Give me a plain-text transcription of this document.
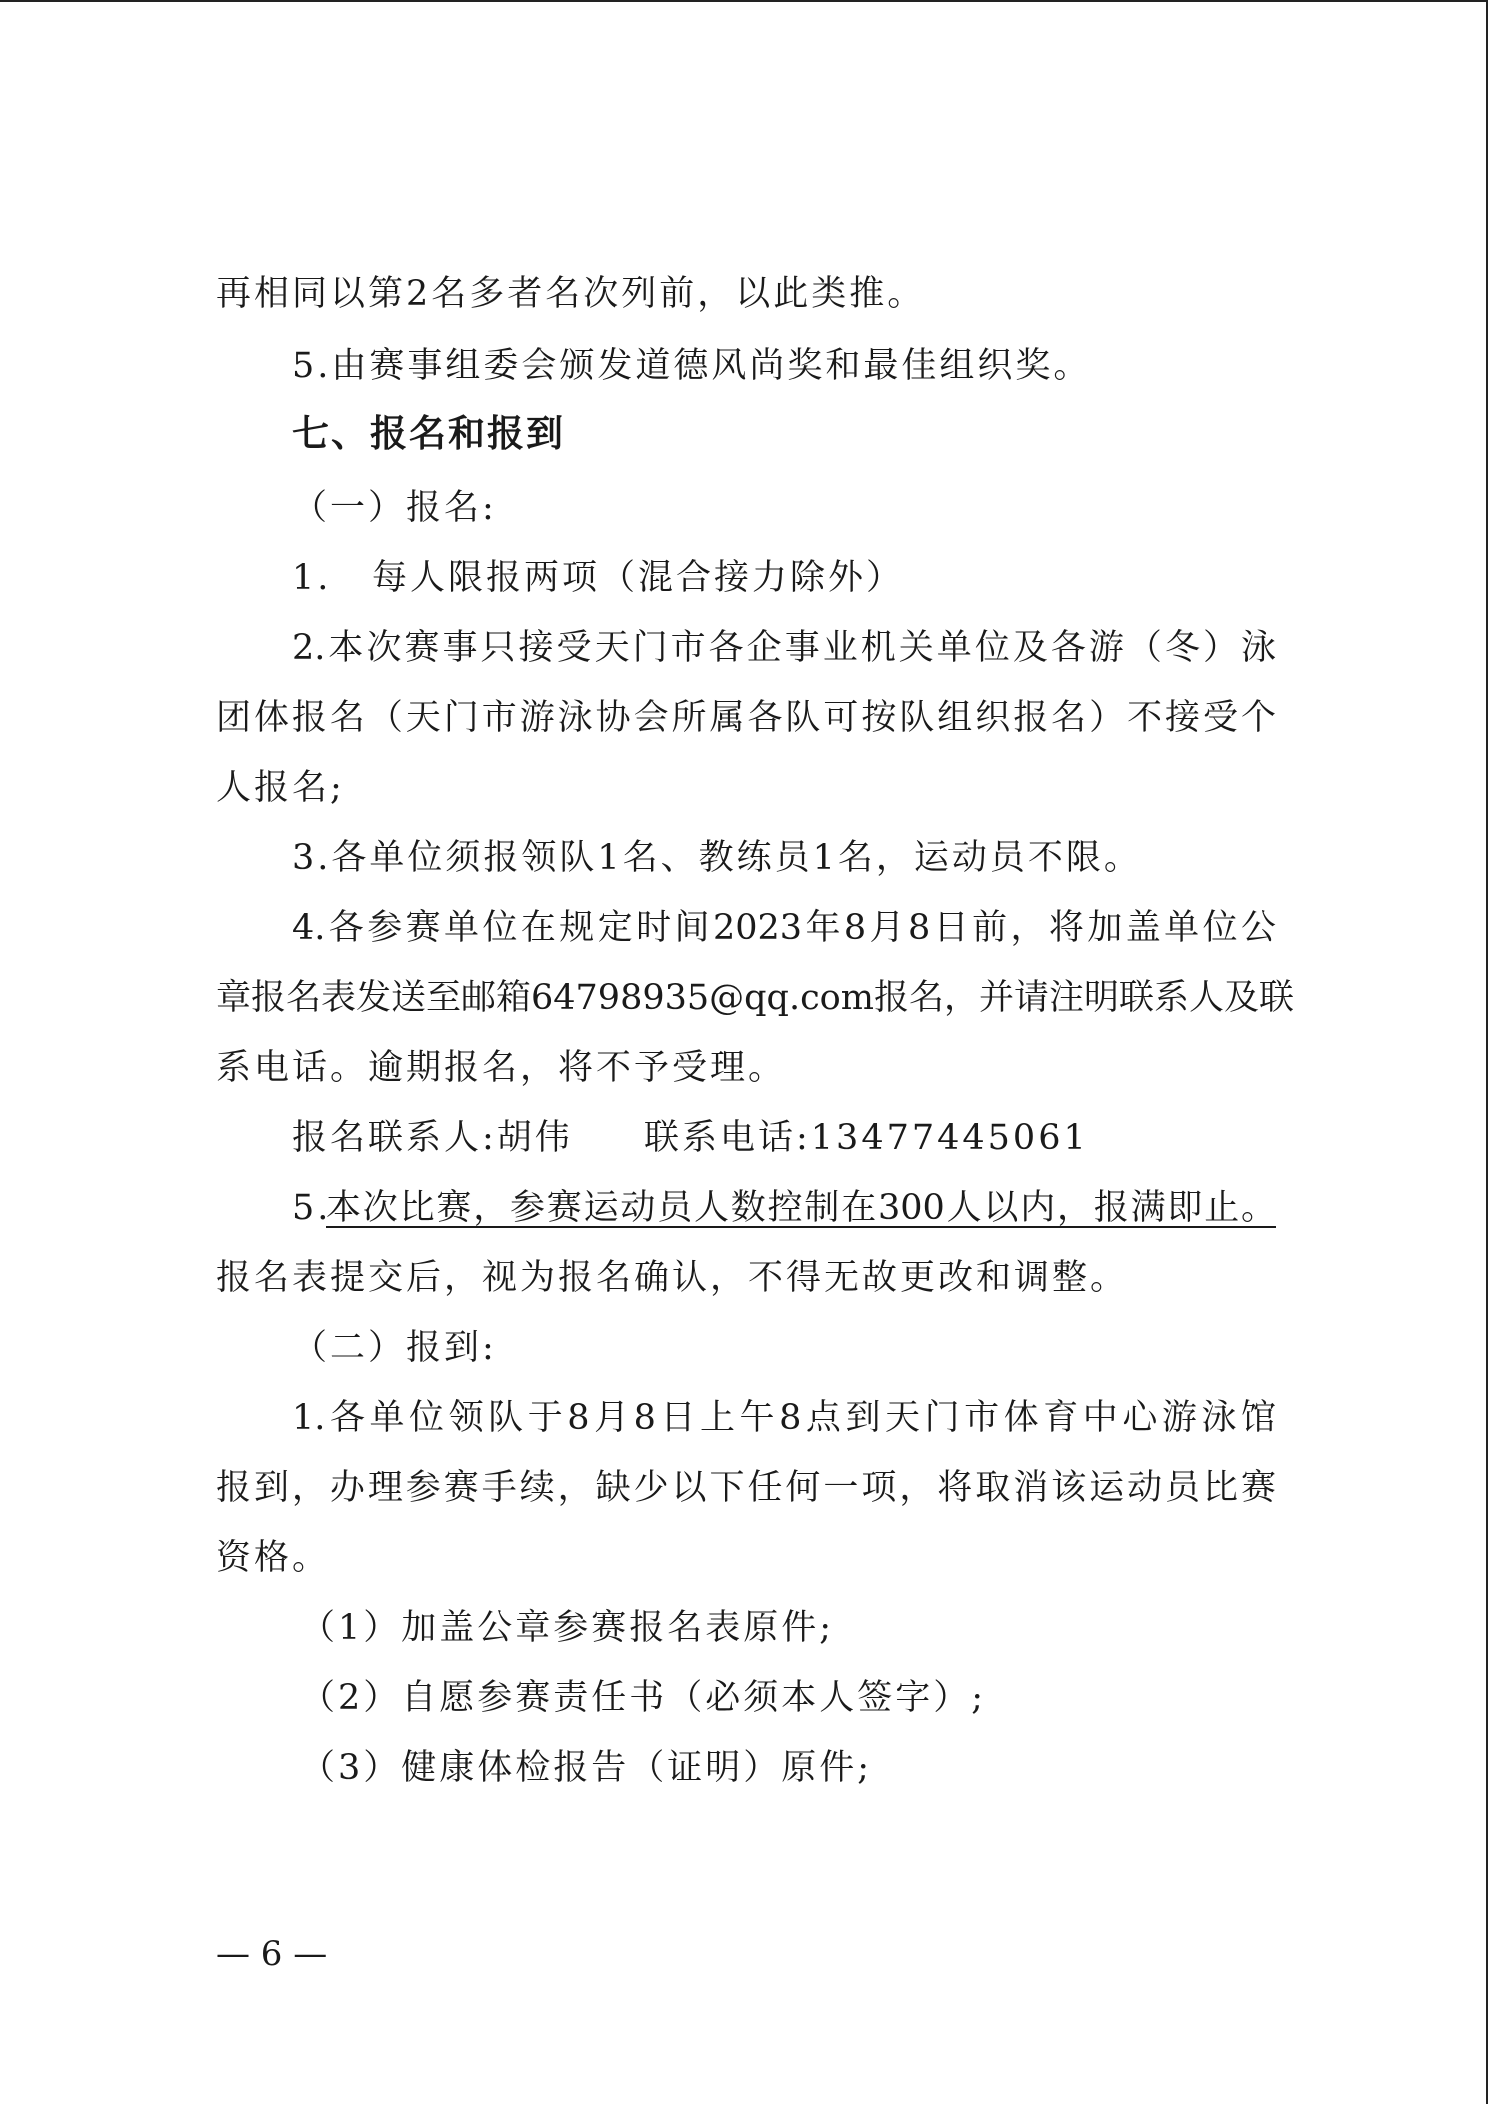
再相同以第2名多者名次列前，以此类推。
5.由赛事组委会颁发道德风尚奖和最佳组织奖。
七、报名和报到
（一）报名:
1. 每人限报两项（混合接力除外）
2.本次赛事只接受天门市各企事业机关单位及各游（冬）泳
团体报名（天门市游泳协会所属各队可按队组织报名）不接受个
人报名;
3.各单位须报领队1名、教练员1名，运动员不限。
4.各参赛单位在规定时间2023年8月8日前，将加盖单位公
章报名表发送至邮箱64798935@qq.com报名，并请注明联系人及联
系电话。逾期报名，将不予受理。
报名联系人:胡伟 联系电话:13477445061
5.
本次比赛，参赛运动员人数控制在300人以内，报满即止。
报名表提交后，视为报名确认，不得无故更改和调整。
（二）报到:
1.各单位领队于8月8日上午8点到天门市体育中心游泳馆
报到，办理参赛手续，缺少以下任何一项，将取消该运动员比赛
资格。
（1）加盖公章参赛报名表原件;
（2）自愿参赛责任书（必须本人签字）;
（3）健康体检报告（证明）原件;
— 6 —
